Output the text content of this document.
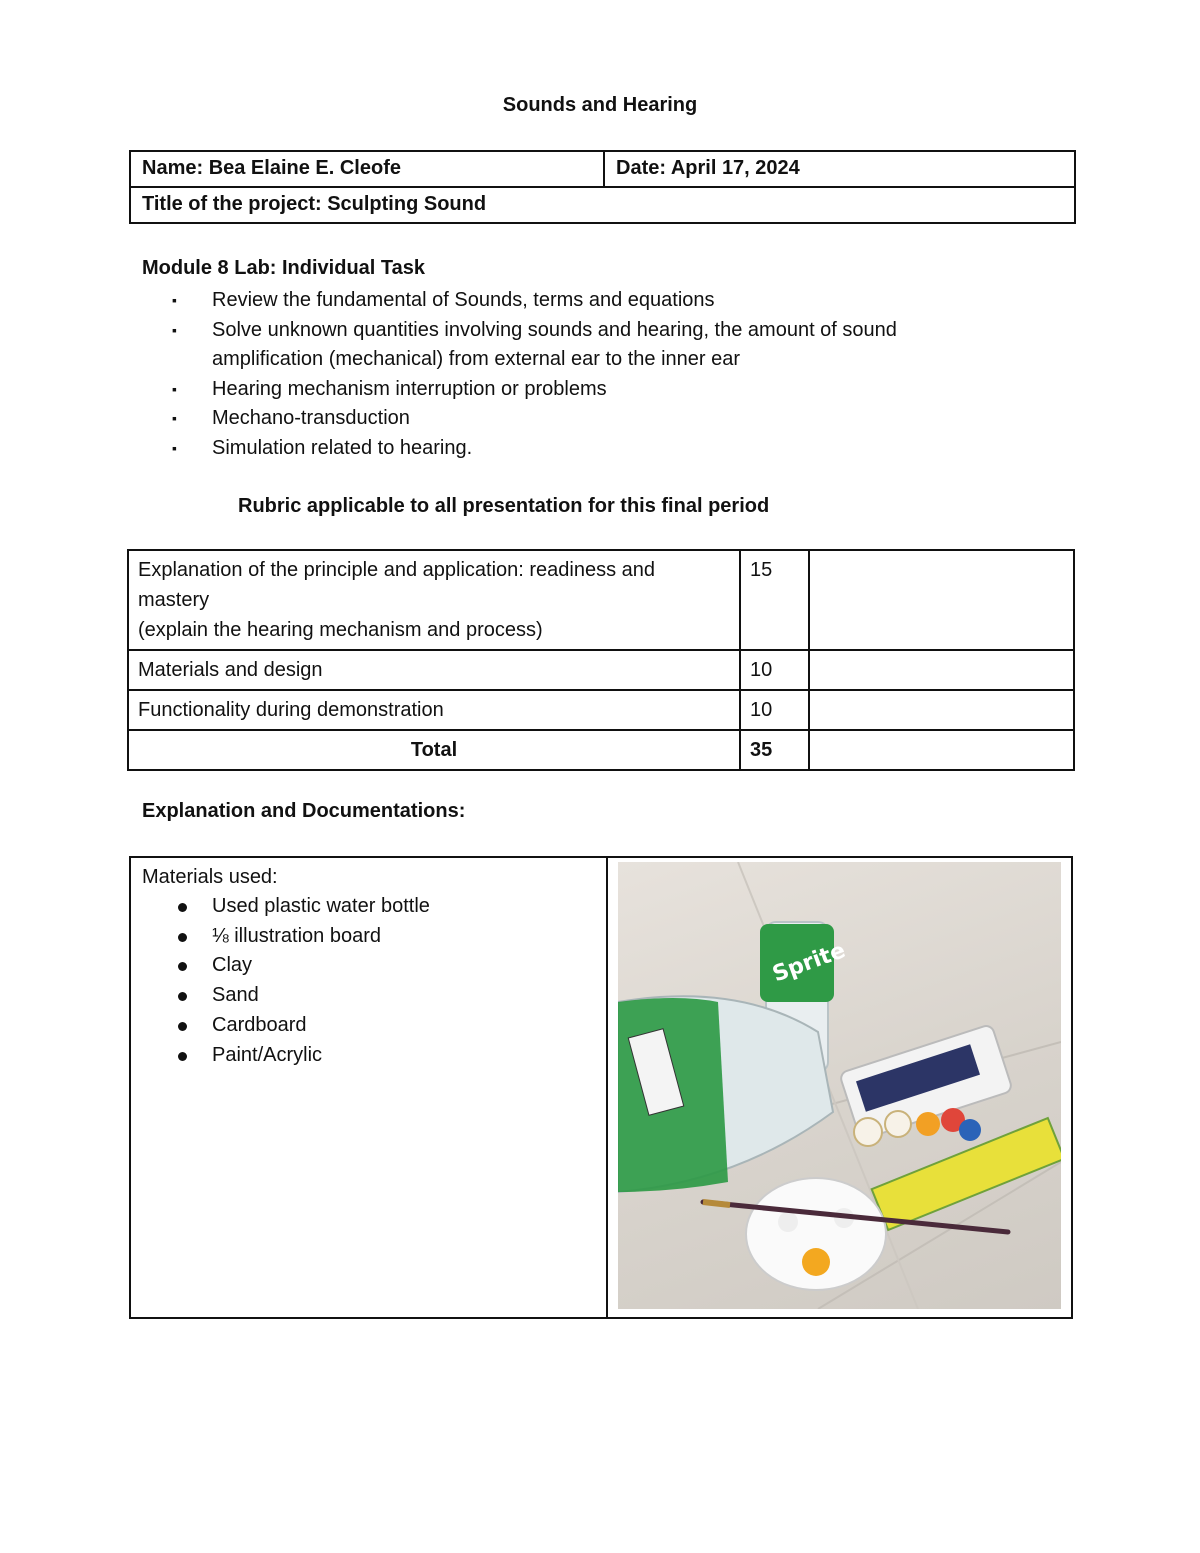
Sounds and Hearing
Name: Bea Elaine E. Cleofe	Date: April 17, 2024
Title of the project: Sculpting Sound
Module 8 Lab: Individual Task
▪ Review the fundamental of Sounds, terms and equations
▪ Solve unknown quantities involving sounds and hearing, the amount of sound amplification (mechanical) from external ear to the inner ear
▪ Hearing mechanism interruption or problems
▪ Mechano-transduction
▪ Simulation related to hearing.
Rubric applicable to all presentation for this final period
Explanation of the principle and application: readiness and mastery
(explain the hearing mechanism and process)	15	
Materials and design	10	
Functionality during demonstration	10	
Total	35	
Explanation and Documentations:
Materials used:
Used plastic water bottle
⅛ illustration board
Clay
Sand
Cardboard
Paint/Acrylic

Sprite
